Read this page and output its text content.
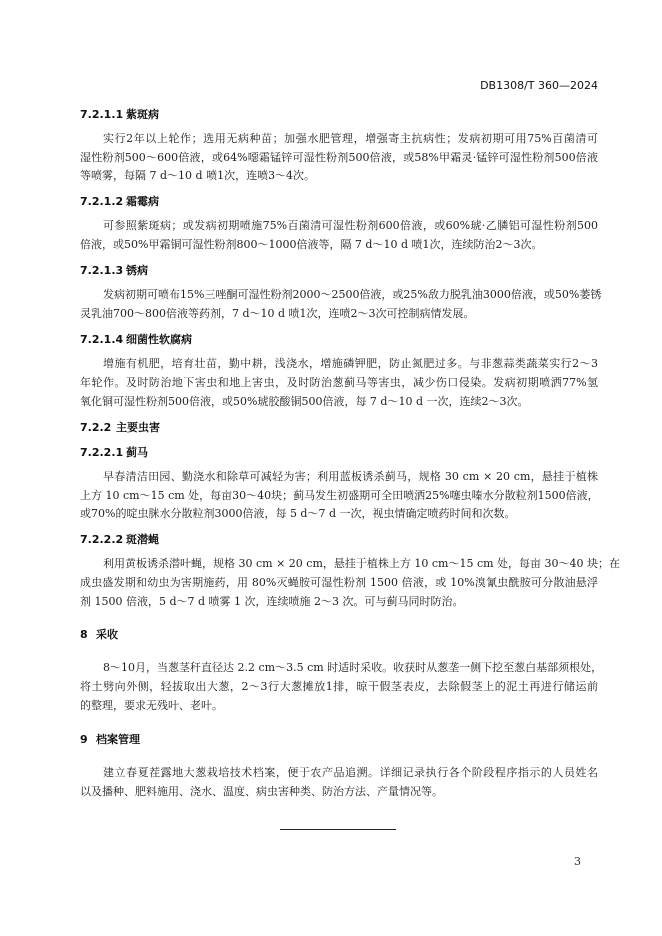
DB1308/T 360—2024
7.2.1.1 紫斑病
实行2年以上轮作；选用无病种苗；加强水肥管理，增强寄主抗病性；发病初期可用75%百菌清可
湿性粉剂500～600倍液，或64%噁霜锰锌可湿性粉剂500倍液，或58%甲霜灵·锰锌可湿性粉剂500倍液
等喷雾，每隔 7 d～10 d 喷1次，连喷3～4次。
7.2.1.2 霜霉病
可参照紫斑病；或发病初期喷施75%百菌清可湿性粉剂600倍液，或60%琥·乙膦铝可湿性粉剂500
倍液，或50%甲霜铜可湿性粉剂800～1000倍液等，隔 7 d～10 d 喷1次，连续防治2～3次。
7.2.1.3 锈病
发病初期可喷布15%三唑酮可湿性粉剂2000～2500倍液，或25%敌力脱乳油3000倍液，或50%萎锈
灵乳油700～800倍液等药剂，7 d～10 d 喷1次，连喷2～3次可控制病情发展。
7.2.1.4 细菌性软腐病
增施有机肥，培育壮苗，勤中耕，浅浇水，增施磷钾肥，防止氮肥过多。与非葱蒜类蔬菜实行2～3
年轮作。及时防治地下害虫和地上害虫，及时防治葱蓟马等害虫，减少伤口侵染。发病初期喷洒77%氢
氧化铜可湿性粉剂500倍液，或50%琥胶酸铜500倍液，每 7 d～10 d 一次，连续2～3次。
7.2.2 主要虫害
7.2.2.1 蓟马
早春清洁田园、勤浇水和除草可减轻为害；利用蓝板诱杀蓟马，规格 30 cm × 20 cm，悬挂于植株
上方 10 cm～15 cm 处，每亩30～40块；蓟马发生初盛期可全田喷洒25%噻虫嗪水分散粒剂1500倍液，
或70%的啶虫脒水分散粒剂3000倍液，每 5 d～7 d 一次，视虫情确定喷药时间和次数。
7.2.2.2 斑潜蝇
利用黄板诱杀潜叶蝇，规格 30 cm × 20 cm，悬挂于植株上方 10 cm～15 cm 处，每亩 30～40 块；在
成虫盛发期和幼虫为害期施药，用 80%灭蝇胺可湿性粉剂 1500 倍液，或 10%溴氰虫酰胺可分散油悬浮
剂 1500 倍液，5 d～7 d 喷雾 1 次，连续喷施 2～3 次。可与蓟马同时防治。
8 采收
8～10月，当葱茎秆直径达 2.2 cm～3.5 cm 时适时采收。收获时从葱垄一侧下挖至葱白基部须根处，
将土劈向外侧，轻拔取出大葱，2～3行大葱摊放1排，晾干假茎表皮，去除假茎上的泥土再进行储运前
的整理，要求无残叶、老叶。
9 档案管理
建立春夏茬露地大葱栽培技术档案，便于农产品追溯。详细记录执行各个阶段程序指示的人员姓名
以及播种、肥料施用、浇水、温度、病虫害种类、防治方法、产量情况等。
3
